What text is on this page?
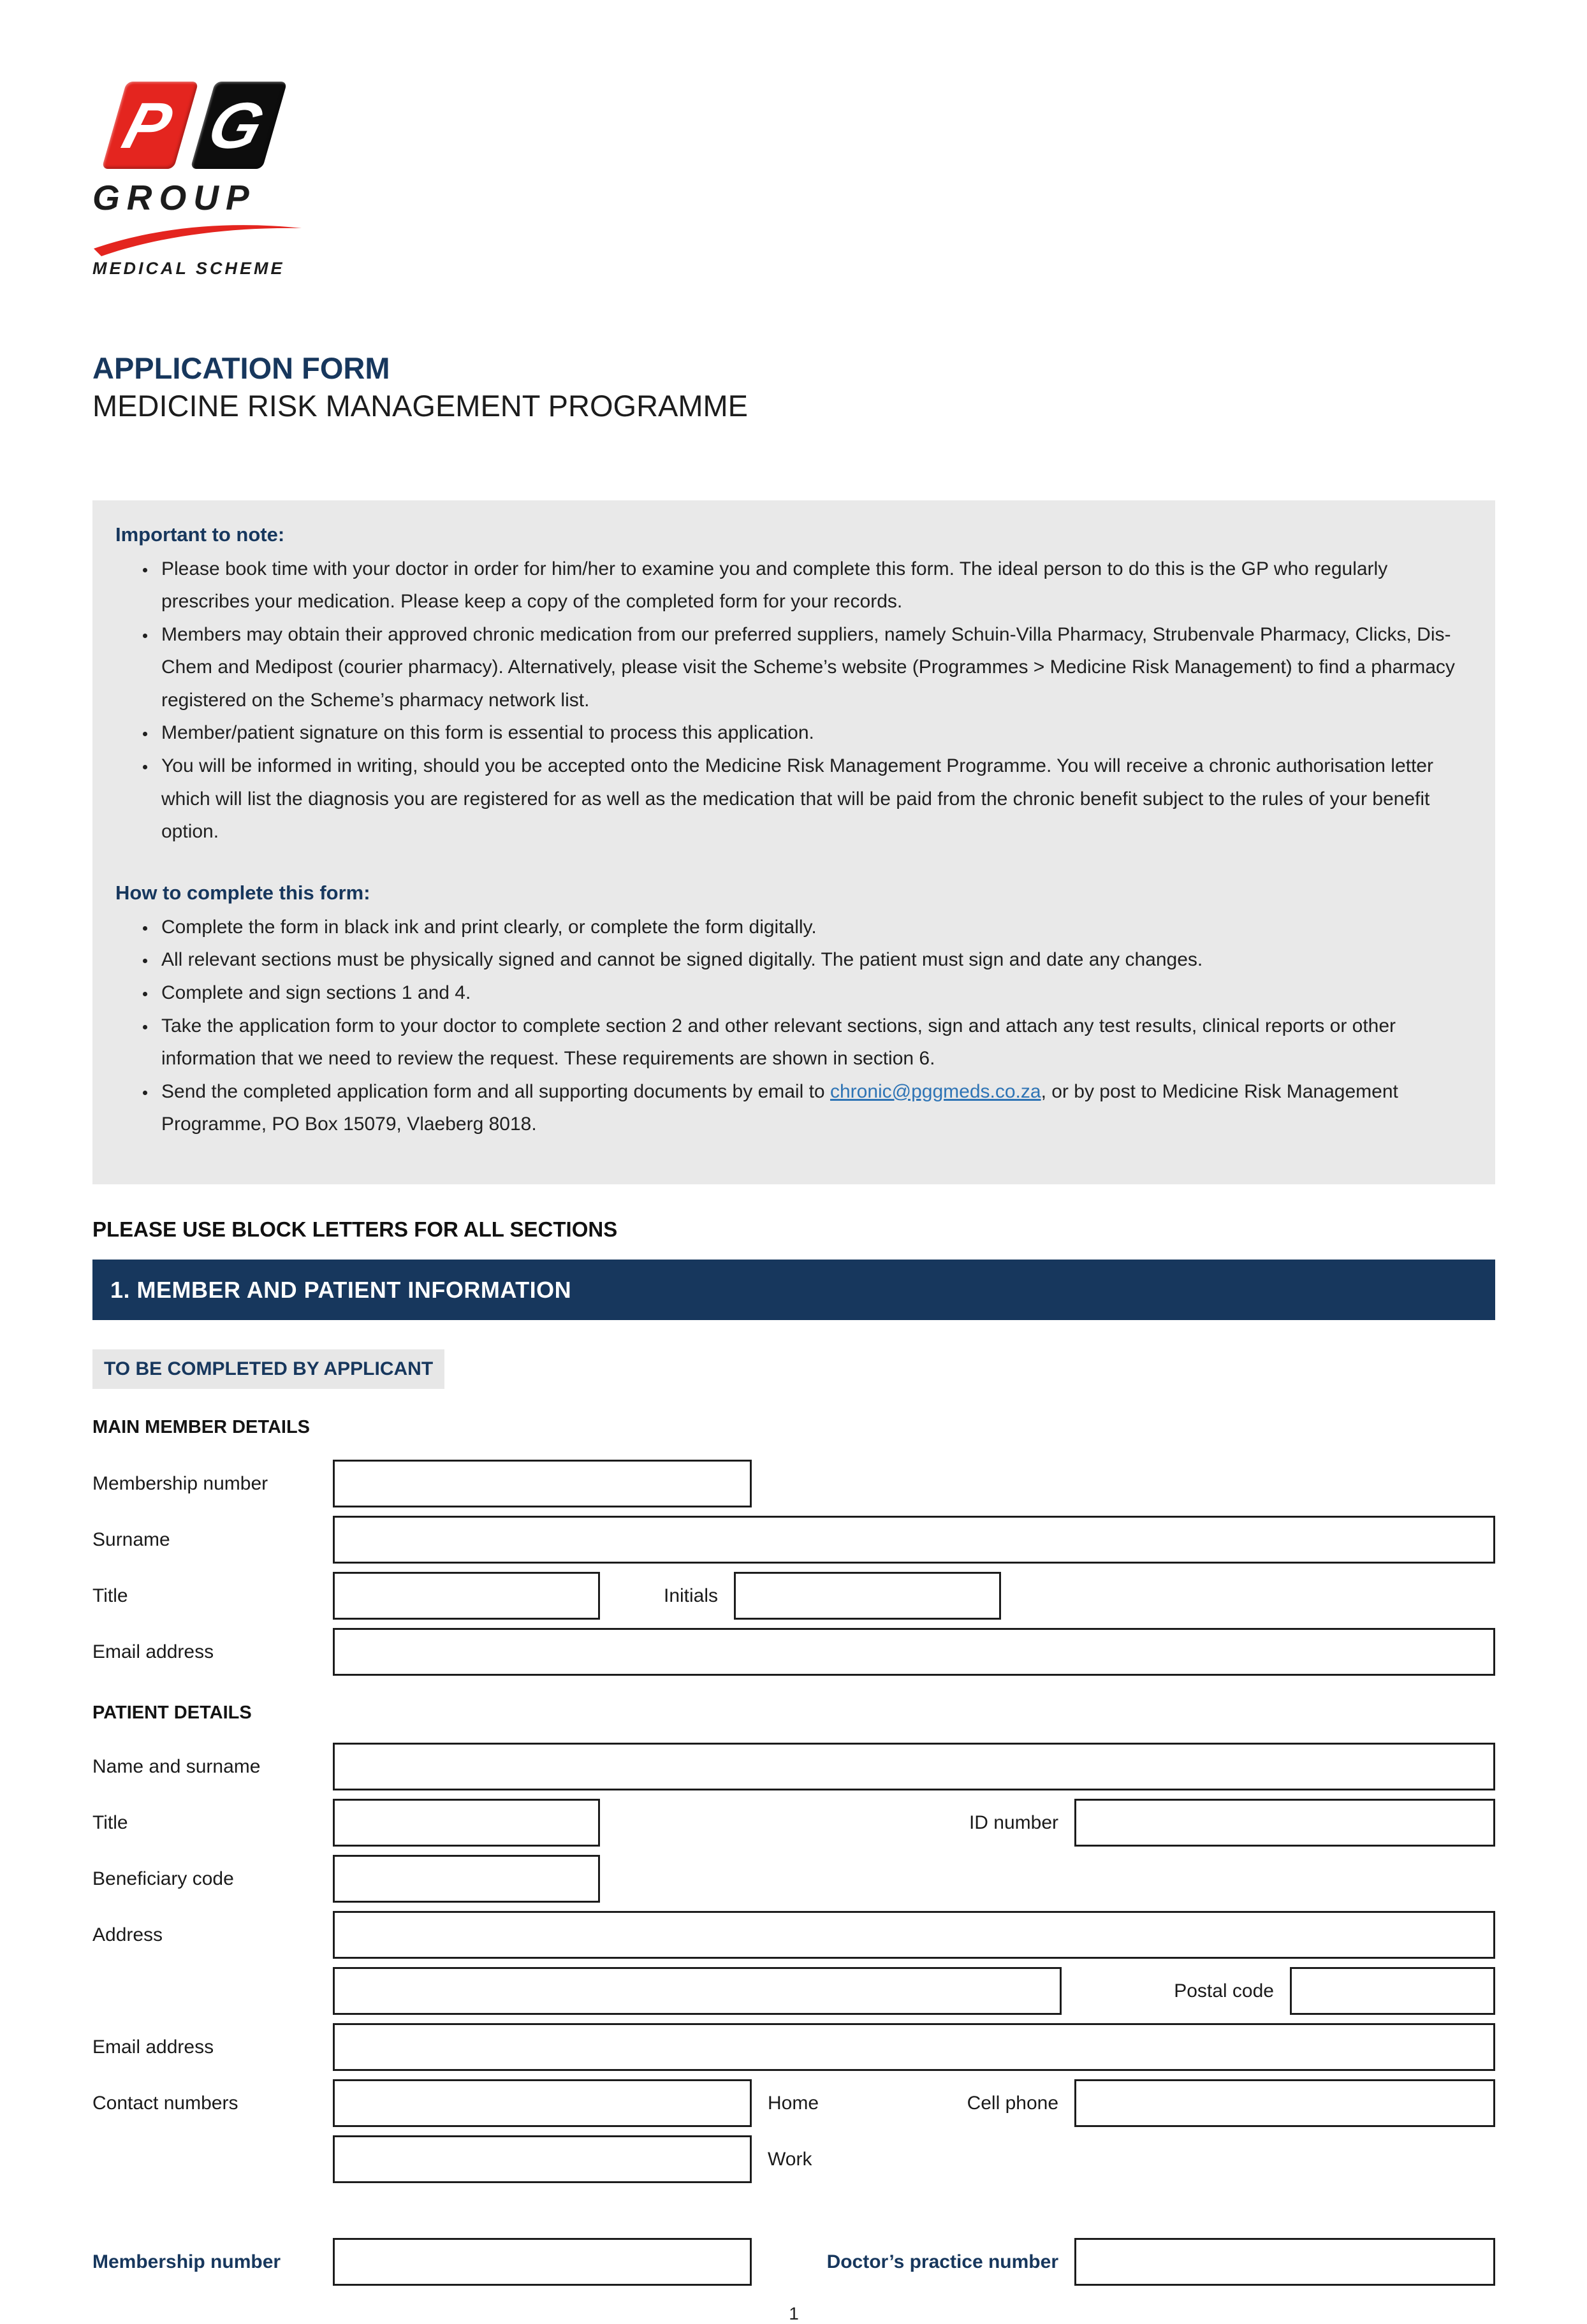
P G
GROUP
MEDICAL SCHEME
APPLICATION FORM
MEDICINE RISK MANAGEMENT PROGRAMME
Important to note:
• Please book time with your doctor in order for him/her to examine you and complete this form. The ideal person to do this is the GP who regularly prescribes your medication. Please keep a copy of the completed form for your records.
• Members may obtain their approved chronic medication from our preferred suppliers, namely Schuin-Villa Pharmacy, Strubenvale Pharmacy, Clicks, Dis-Chem and Medipost (courier pharmacy). Alternatively, please visit the Scheme’s website (Programmes > Medicine Risk Management) to find a pharmacy registered on the Scheme’s pharmacy network list.
• Member/patient signature on this form is essential to process this application.
• You will be informed in writing, should you be accepted onto the Medicine Risk Management Programme. You will receive a chronic authorisation letter which will list the diagnosis you are registered for as well as the medication that will be paid from the chronic benefit subject to the rules of your benefit option.
How to complete this form:
• Complete the form in black ink and print clearly, or complete the form digitally.
• All relevant sections must be physically signed and cannot be signed digitally. The patient must sign and date any changes.
• Complete and sign sections 1 and 4.
• Take the application form to your doctor to complete section 2 and other relevant sections, sign and attach any test results, clinical reports or other information that we need to review the request. These requirements are shown in section 6.
• Send the completed application form and all supporting documents by email to chronic@pggmeds.co.za, or by post to Medicine Risk Management Programme, PO Box 15079, Vlaeberg 8018.

PLEASE USE BLOCK LETTERS FOR ALL SECTIONS

1. MEMBER AND PATIENT INFORMATION
TO BE COMPLETED BY APPLICANT
MAIN MEMBER DETAILS
Membership number
Surname
Title	Initials
Email address
PATIENT DETAILS
Name and surname
Title	ID number
Beneficiary code
Address
Postal code
Email address
Contact numbers	Home	Cell phone
Work
Membership number	Doctor’s practice number
1
